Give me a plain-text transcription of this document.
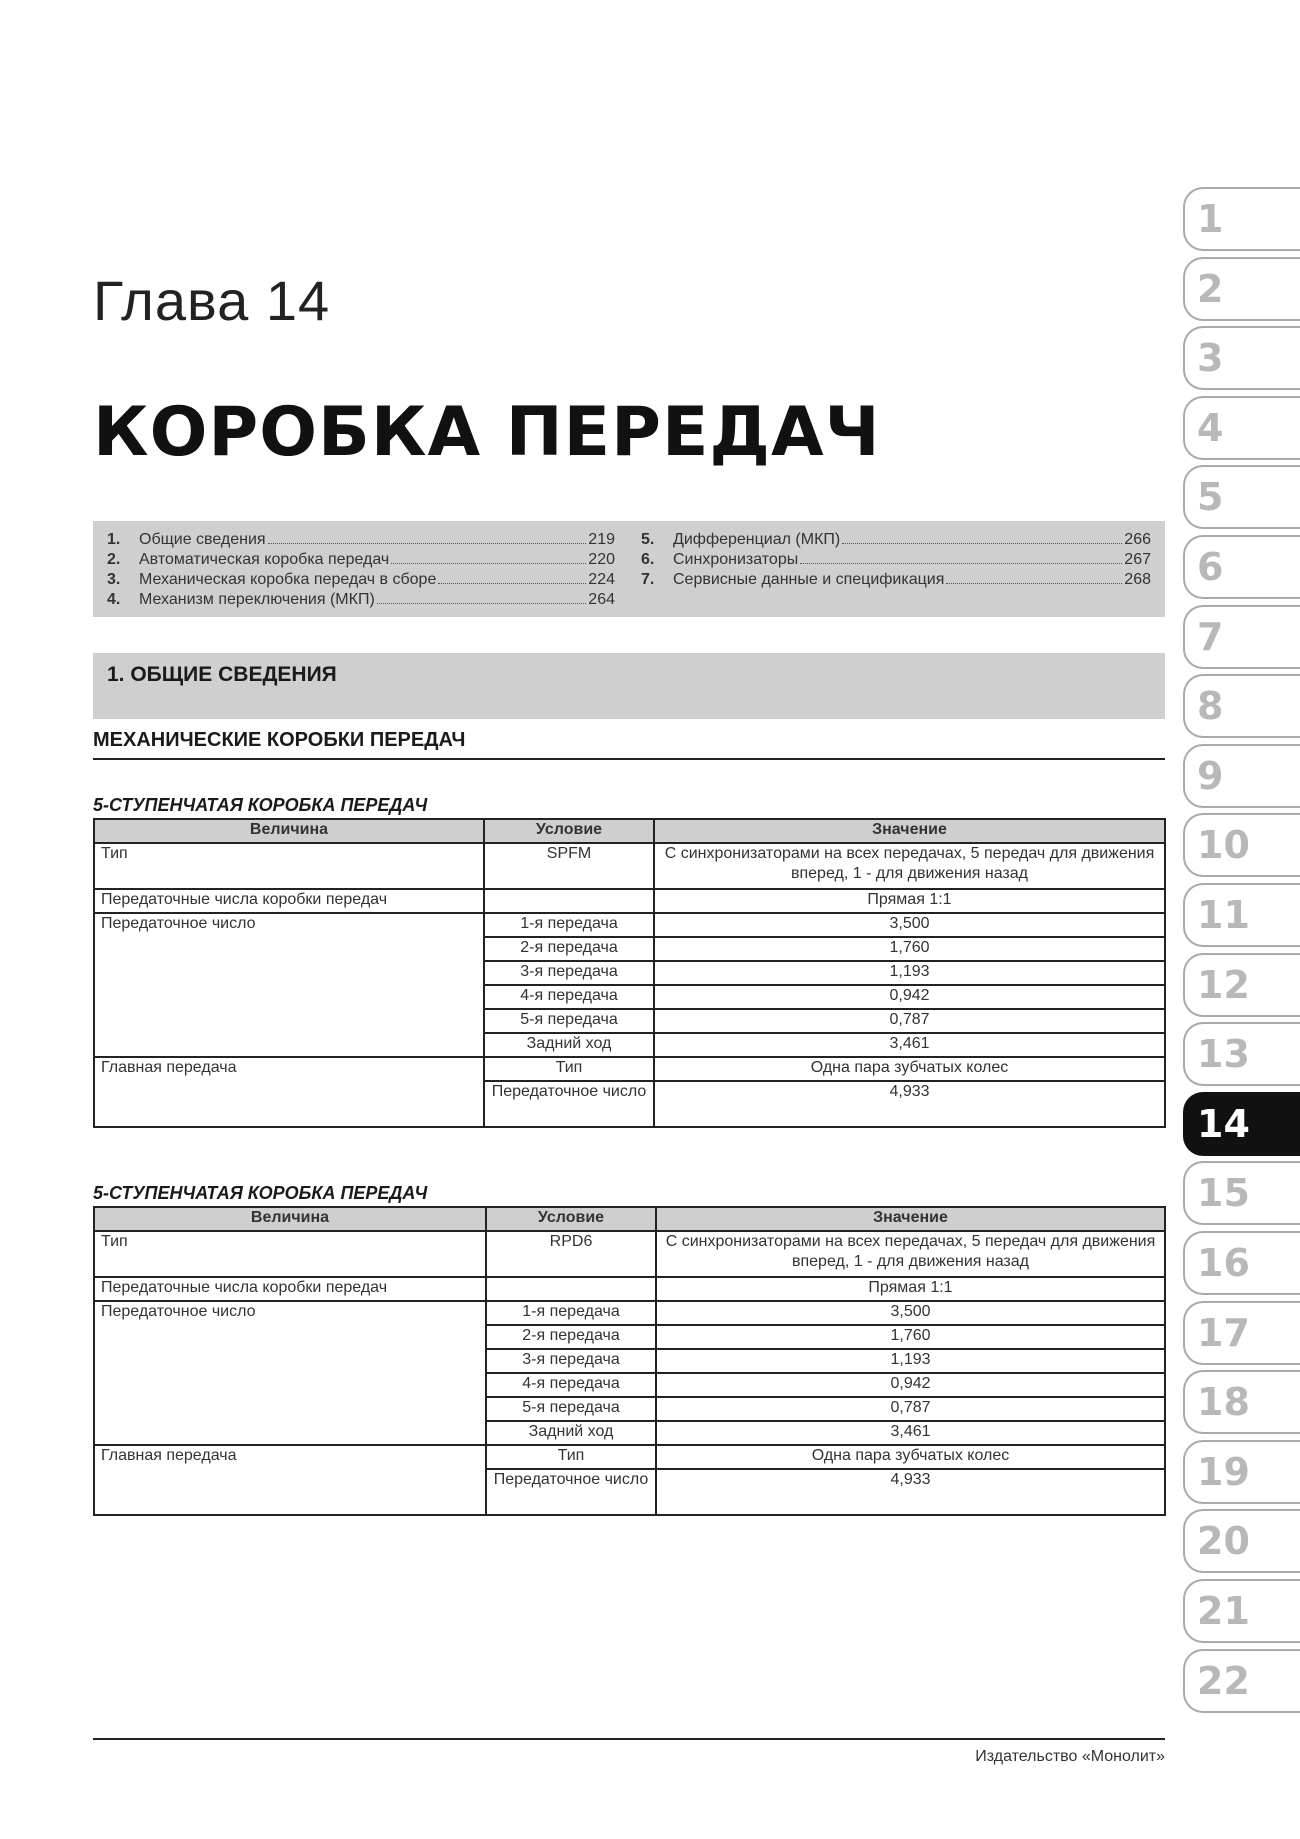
Глава 14
КОРОБКА ПЕРЕДАЧ
1.	Общие сведения	219
2.	Автоматическая коробка передач	220
3.	Механическая коробка передач в сборе	224
4.	Механизм переключения (МКП)	264
5.	Дифференциал (МКП)	266
6.	Синхронизаторы	267
7.	Сервисные данные и спецификация	268
1. ОБЩИЕ СВЕДЕНИЯ
МЕХАНИЧЕСКИЕ КОРОБКИ ПЕРЕДАЧ
5-СТУПЕНЧАТАЯ КОРОБКА ПЕРЕДАЧ
Величина	Условие	Значение
Тип	SPFM	С синхронизаторами на всех передачах, 5 передач для движения вперед, 1 - для движения назад
Передаточные числа коробки передач		Прямая 1:1
Передаточное число	1-я передача	3,500
	2-я передача	1,760
	3-я передача	1,193
	4-я передача	0,942
	5-я передача	0,787
	Задний ход	3,461
Главная передача	Тип	Одна пара зубчатых колес
	Передаточное число	4,933
5-СТУПЕНЧАТАЯ КОРОБКА ПЕРЕДАЧ
Величина	Условие	Значение
Тип	RPD6	С синхронизаторами на всех передачах, 5 передач для движения вперед, 1 - для движения назад
Передаточные числа коробки передач		Прямая 1:1
Передаточное число	1-я передача	3,500
	2-я передача	1,760
	3-я передача	1,193
	4-я передача	0,942
	5-я передача	0,787
	Задний ход	3,461
Главная передача	Тип	Одна пара зубчатых колес
	Передаточное число	4,933
1
2
3
4
5
6
7
8
9
10
11
12
13
14
15
16
17
18
19
20
21
22
Издательство «Монолит»
